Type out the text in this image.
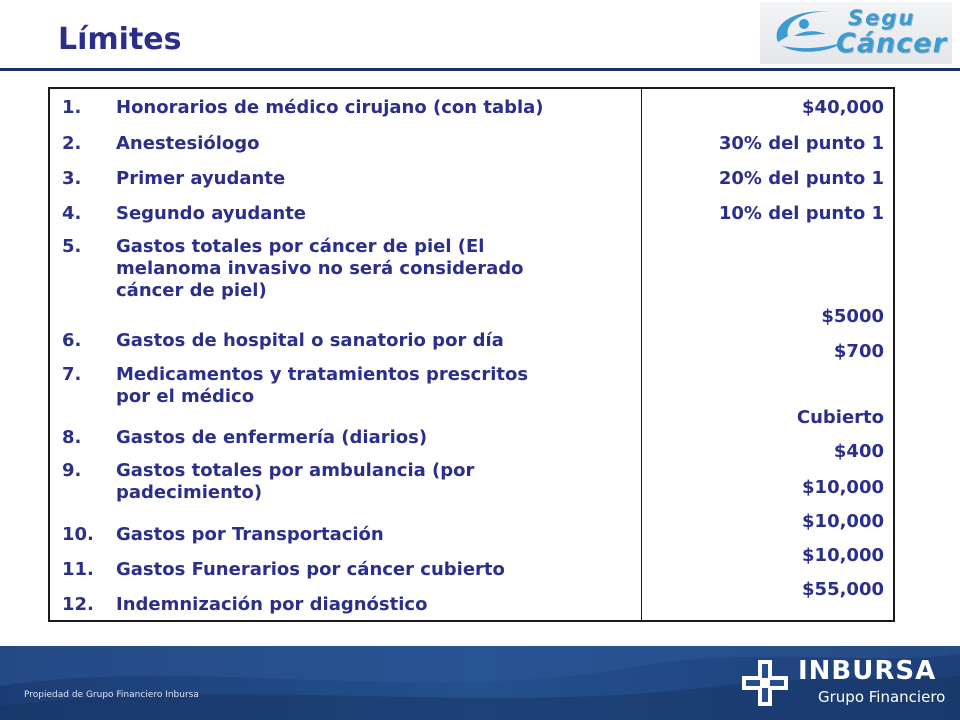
Límites
Segu
Cáncer
1. Honorarios de médico cirujano (con tabla)
2. Anestesiólogo
3. Primer ayudante
4. Segundo ayudante
5. Gastos totales por cáncer de piel (El
melanoma invasivo no será considerado
cáncer de piel)
6. Gastos de hospital o sanatorio por día
7. Medicamentos y tratamientos prescritos
por el médico
8. Gastos de enfermería (diarios)
9. Gastos totales por ambulancia (por
padecimiento)
10. Gastos por Transportación
11. Gastos Funerarios por cáncer cubierto
12. Indemnización por diagnóstico
$40,000
30% del punto 1
20% del punto 1
10% del punto 1
$5000
$700
Cubierto
$400
$10,000
$10,000
$10,000
$55,000
Propiedad de Grupo Financiero Inbursa
INBURSA
Grupo Financiero
